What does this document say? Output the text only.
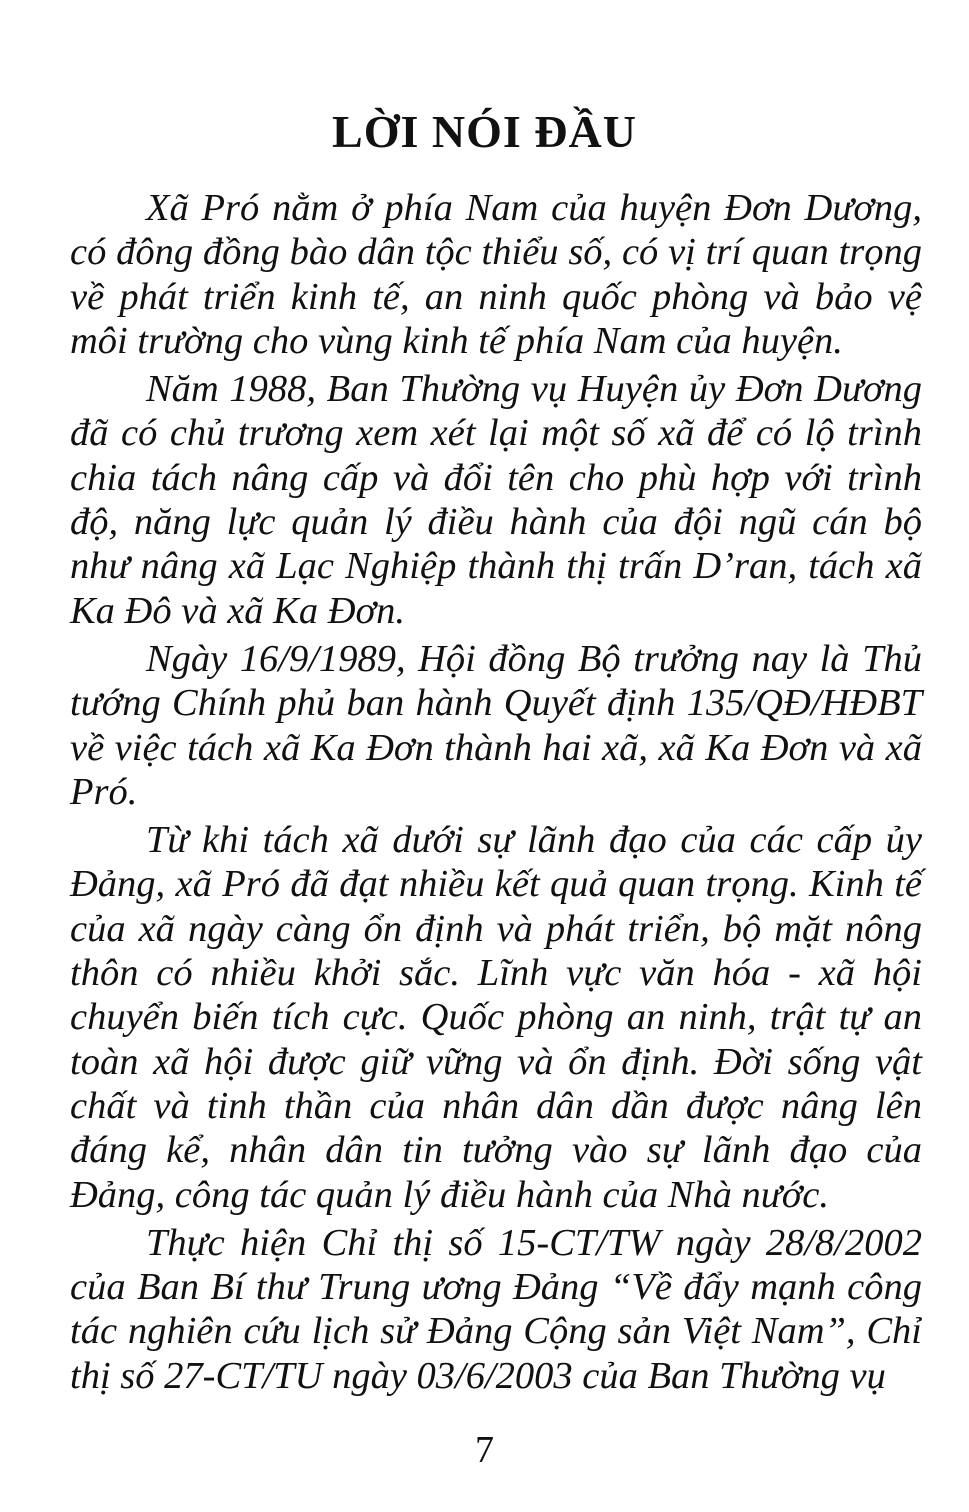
LỜI NÓI ĐẦU

Xã Pró nằm ở phía Nam của huyện Đơn Dương, có đông đồng bào dân tộc thiểu số, có vị trí quan trọng về phát triển kinh tế, an ninh quốc phòng và bảo vệ môi trường cho vùng kinh tế phía Nam của huyện.

Năm 1988, Ban Thường vụ Huyện ủy Đơn Dương đã có chủ trương xem xét lại một số xã để có lộ trình chia tách nâng cấp và đổi tên cho phù hợp với trình độ, năng lực quản lý điều hành của đội ngũ cán bộ như nâng xã Lạc Nghiệp thành thị trấn D’ran, tách xã Ka Đô và xã Ka Đơn.

Ngày 16/9/1989, Hội đồng Bộ trưởng nay là Thủ tướng Chính phủ ban hành Quyết định 135/QĐ/HĐBT về việc tách xã Ka Đơn thành hai xã, xã Ka Đơn và xã Pró.

Từ khi tách xã dưới sự lãnh đạo của các cấp ủy Đảng, xã Pró đã đạt nhiều kết quả quan trọng. Kinh tế của xã ngày càng ổn định và phát triển, bộ mặt nông thôn có nhiều khởi sắc. Lĩnh vực văn hóa - xã hội chuyển biến tích cực. Quốc phòng an ninh, trật tự an toàn xã hội được giữ vững và ổn định. Đời sống vật chất và tinh thần của nhân dân dần được nâng lên đáng kể, nhân dân tin tưởng vào sự lãnh đạo của Đảng, công tác quản lý điều hành của Nhà nước.

Thực hiện Chỉ thị số 15-CT/TW ngày 28/8/2002 của Ban Bí thư Trung ương Đảng “Về đẩy mạnh công tác nghiên cứu lịch sử Đảng Cộng sản Việt Nam”, Chỉ thị số 27-CT/TU ngày 03/6/2003 của Ban Thường vụ

7
